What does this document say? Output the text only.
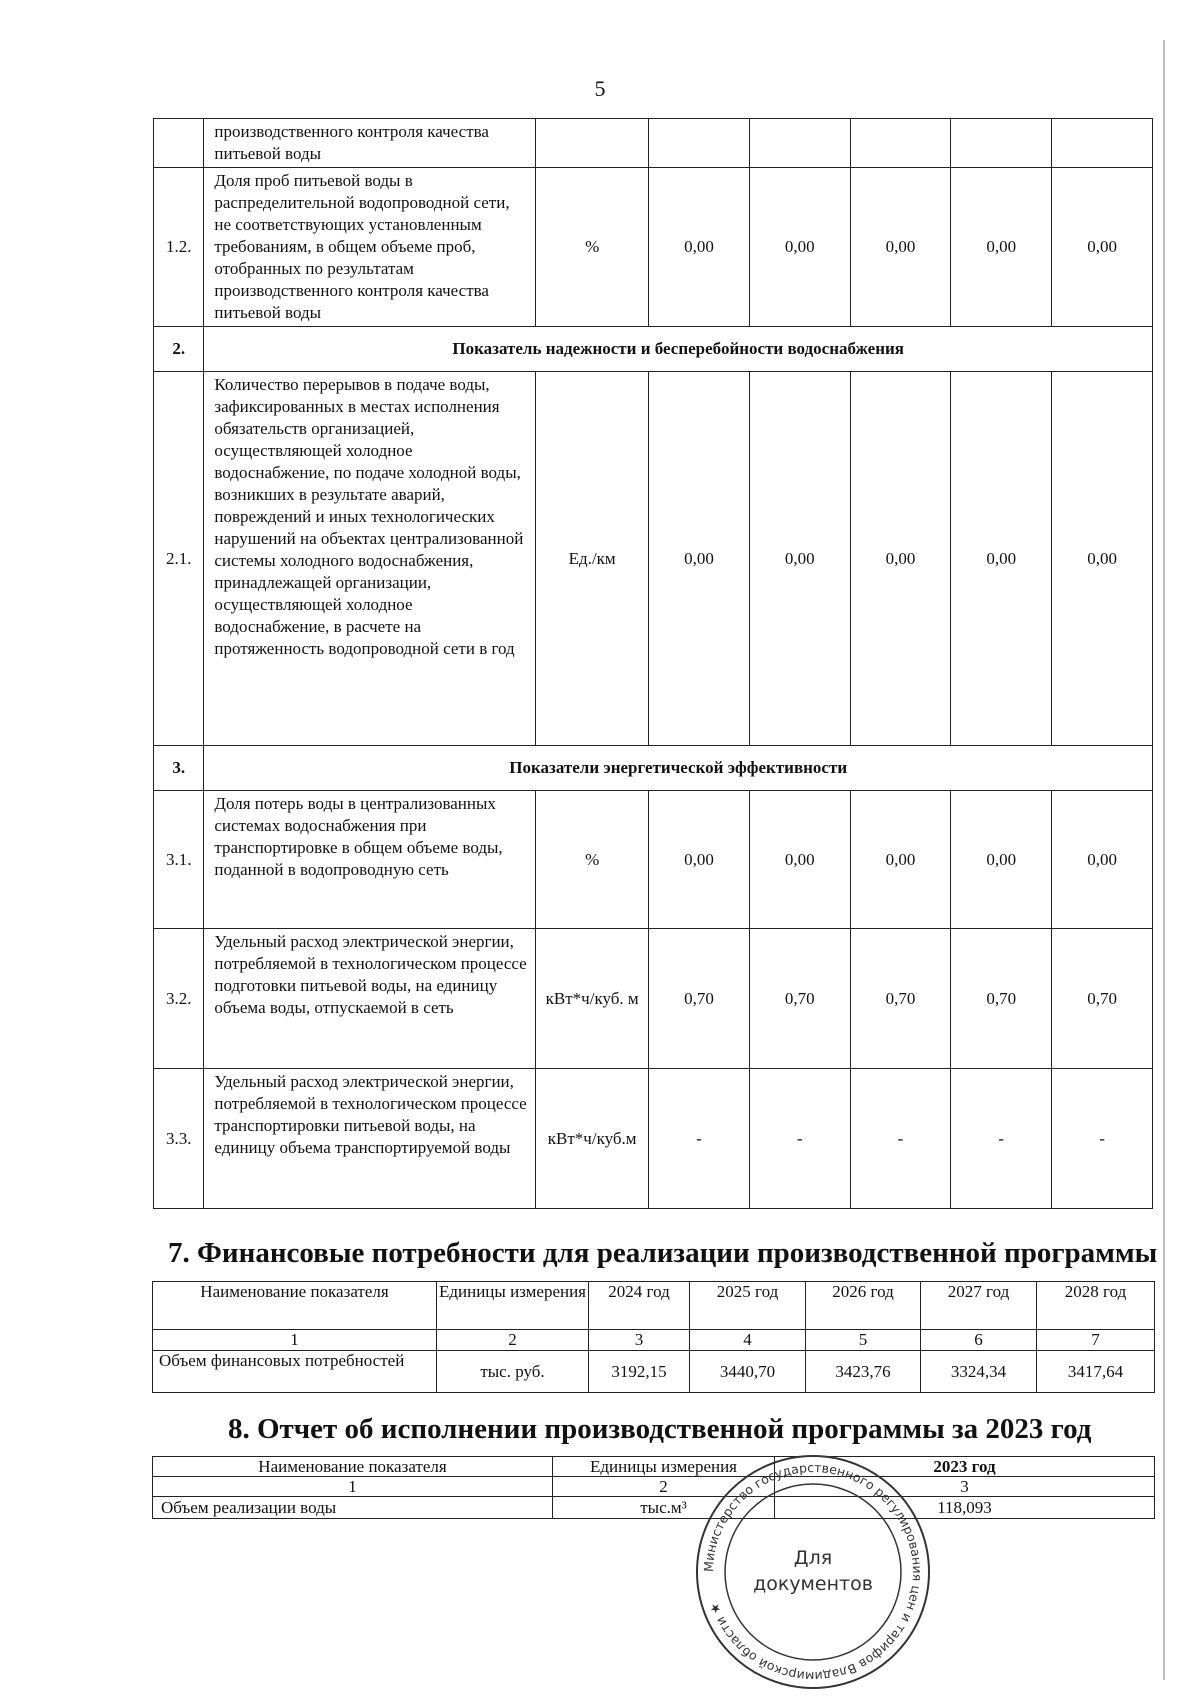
5
	производственного контроля качества питьевой воды						
1.2.	Доля проб питьевой воды в распределительной водопроводной сети, не соответствующих установленным требованиям, в общем объеме проб, отобранных по результатам производственного контроля качества питьевой воды	%	0,00	0,00	0,00	0,00	0,00
2.	Показатель надежности и бесперебойности водоснабжения						
2.1.	Количество перерывов в подаче воды, зафиксированных в местах исполнения обязательств организацией, осуществляющей холодное водоснабжение, по подаче холодной воды, возникших в результате аварий, повреждений и иных технологических нарушений на объектах централизованной системы холодного водоснабжения, принадлежащей организации, осуществляющей холодное водоснабжение, в расчете на протяженность водопроводной сети в год	Ед./км	0,00	0,00	0,00	0,00	0,00
3.	Показатели энергетической эффективности						
3.1.	Доля потерь воды в централизованных системах водоснабжения при транспортировке в общем объеме воды, поданной в водопроводную сеть	%	0,00	0,00	0,00	0,00	0,00
3.2.	Удельный расход электрической энергии, потребляемой в технологическом процессе подготовки питьевой воды, на единицу объема воды, отпускаемой в сеть	кВт*ч/куб. м	0,70	0,70	0,70	0,70	0,70
3.3.	Удельный расход электрической энергии, потребляемой в технологическом процессе транспортировки питьевой воды, на единицу объема транспортируемой воды	кВт*ч/куб.м	-	-	-	-	-
7. Финансовые потребности для реализации производственной программы
Наименование показателя	Единицы измерения	2024 год	2025 год	2026 год	2027 год	2028 год
1	2	3	4	5	6	7
Объем финансовых потребностей	тыс. руб.	3192,15	3440,70	3423,76	3324,34	3417,64
8. Отчет об исполнении производственной программы за 2023 год
Наименование показателя	Единицы измерения	2023 год
1	2	3
Объем реализации воды	тыс.м³	118,093
Министерство государственного регулирования цен и тарифов Владимирской области ★
Для
документов
